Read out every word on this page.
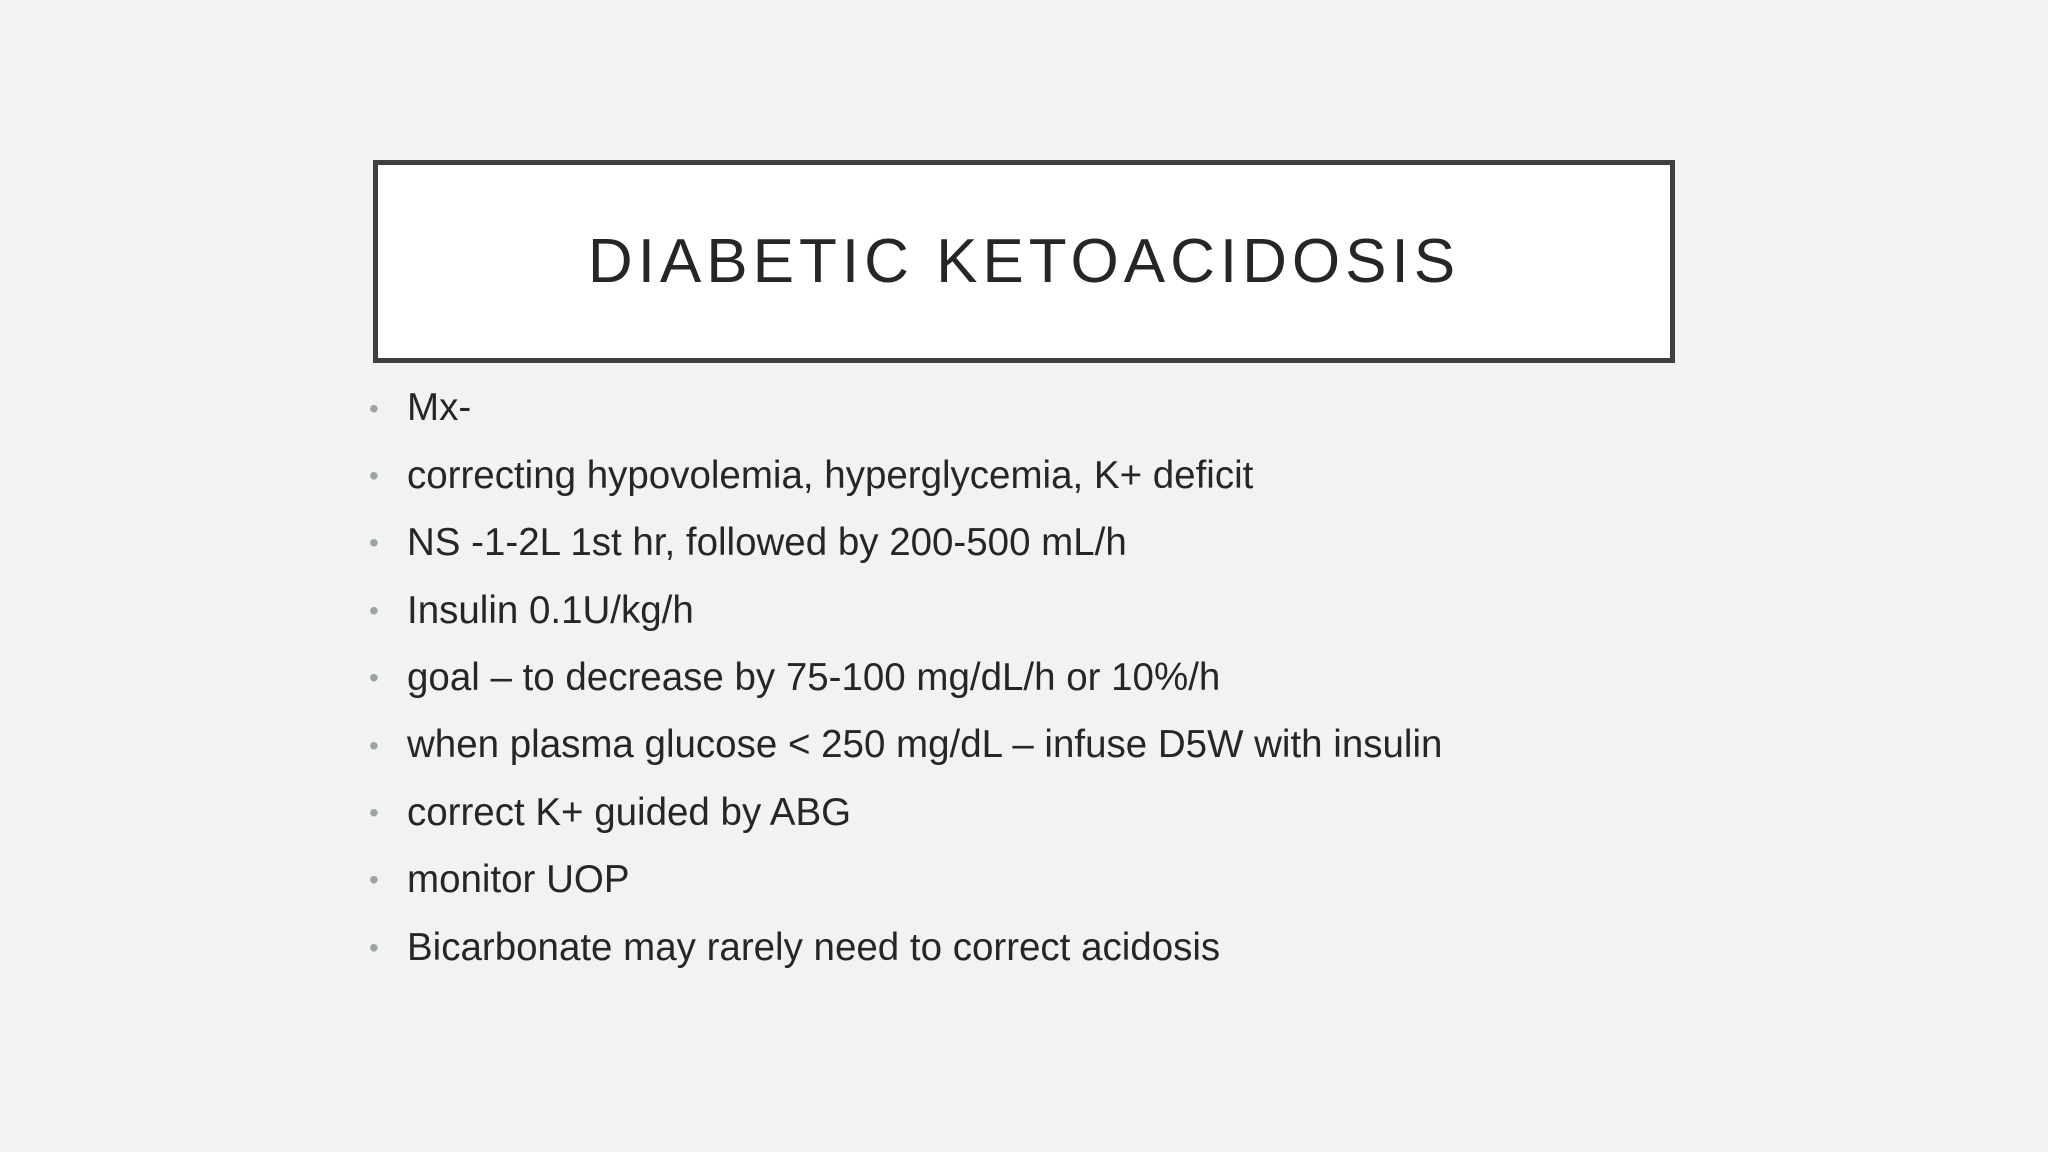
DIABETIC KETOACIDOSIS
• Mx-
• correcting hypovolemia, hyperglycemia, K+ deficit
• NS -1-2L 1st hr, followed by 200-500 mL/h
• Insulin 0.1U/kg/h
• goal – to decrease by 75-100 mg/dL/h or 10%/h
• when plasma glucose < 250 mg/dL – infuse D5W with insulin
• correct K+ guided by ABG
• monitor UOP
• Bicarbonate may rarely need to correct acidosis
